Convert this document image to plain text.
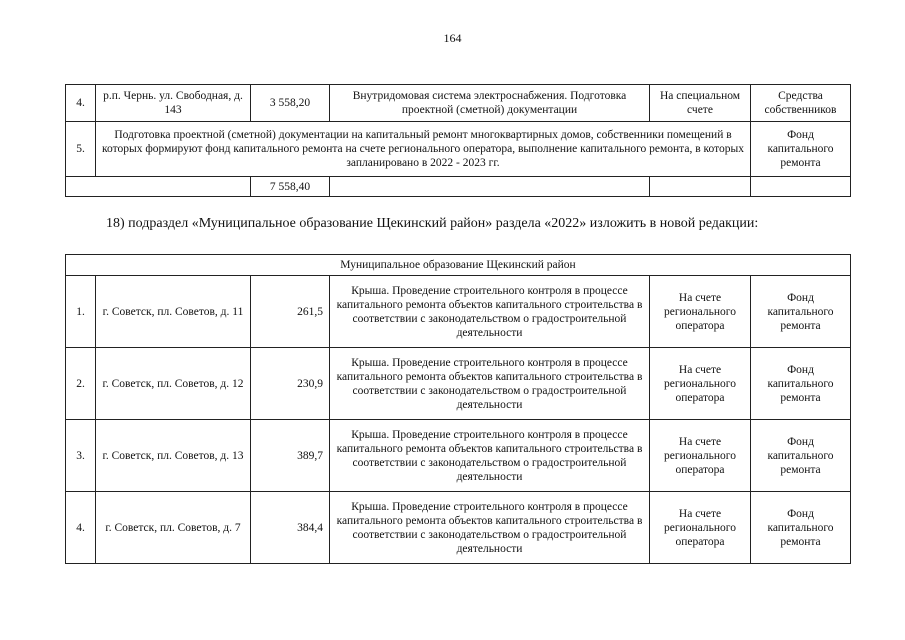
164
4.	р.п. Чернь. ул. Свободная, д. 143	3 558,20	Внутридомовая система электроснабжения. Подготовка проектной (сметной) документации	На специальном счете	Средства собственников
5.	Подготовка проектной (сметной) документации на капитальный ремонт многоквартирных домов, собственники помещений в которых формируют фонд капитального ремонта на счете регионального оператора, выполнение капитального ремонта, в которых запланировано в 2022 - 2023 гг.				Фонд капитального ремонта
		7 558,40			
18) подраздел «Муниципальное образование Щекинский район» раздела «2022» изложить в новой редакции:
Муниципальное образование Щекинский район					
1.	г. Советск, пл. Советов, д. 11	261,5	Крыша. Проведение строительного контроля в процессе капитального ремонта объектов капитального строительства в соответствии с законодательством о градостроительной деятельности	На счете регионального оператора	Фонд капитального ремонта
2.	г. Советск, пл. Советов, д. 12	230,9	Крыша. Проведение строительного контроля в процессе капитального ремонта объектов капитального строительства в соответствии с законодательством о градостроительной деятельности	На счете регионального оператора	Фонд капитального ремонта
3.	г. Советск, пл. Советов, д. 13	389,7	Крыша. Проведение строительного контроля в процессе капитального ремонта объектов капитального строительства в соответствии с законодательством о градостроительной деятельности	На счете регионального оператора	Фонд капитального ремонта
4.	г. Советск, пл. Советов, д. 7	384,4	Крыша. Проведение строительного контроля в процессе капитального ремонта объектов капитального строительства в соответствии с законодательством о градостроительной деятельности	На счете регионального оператора	Фонд капитального ремонта
